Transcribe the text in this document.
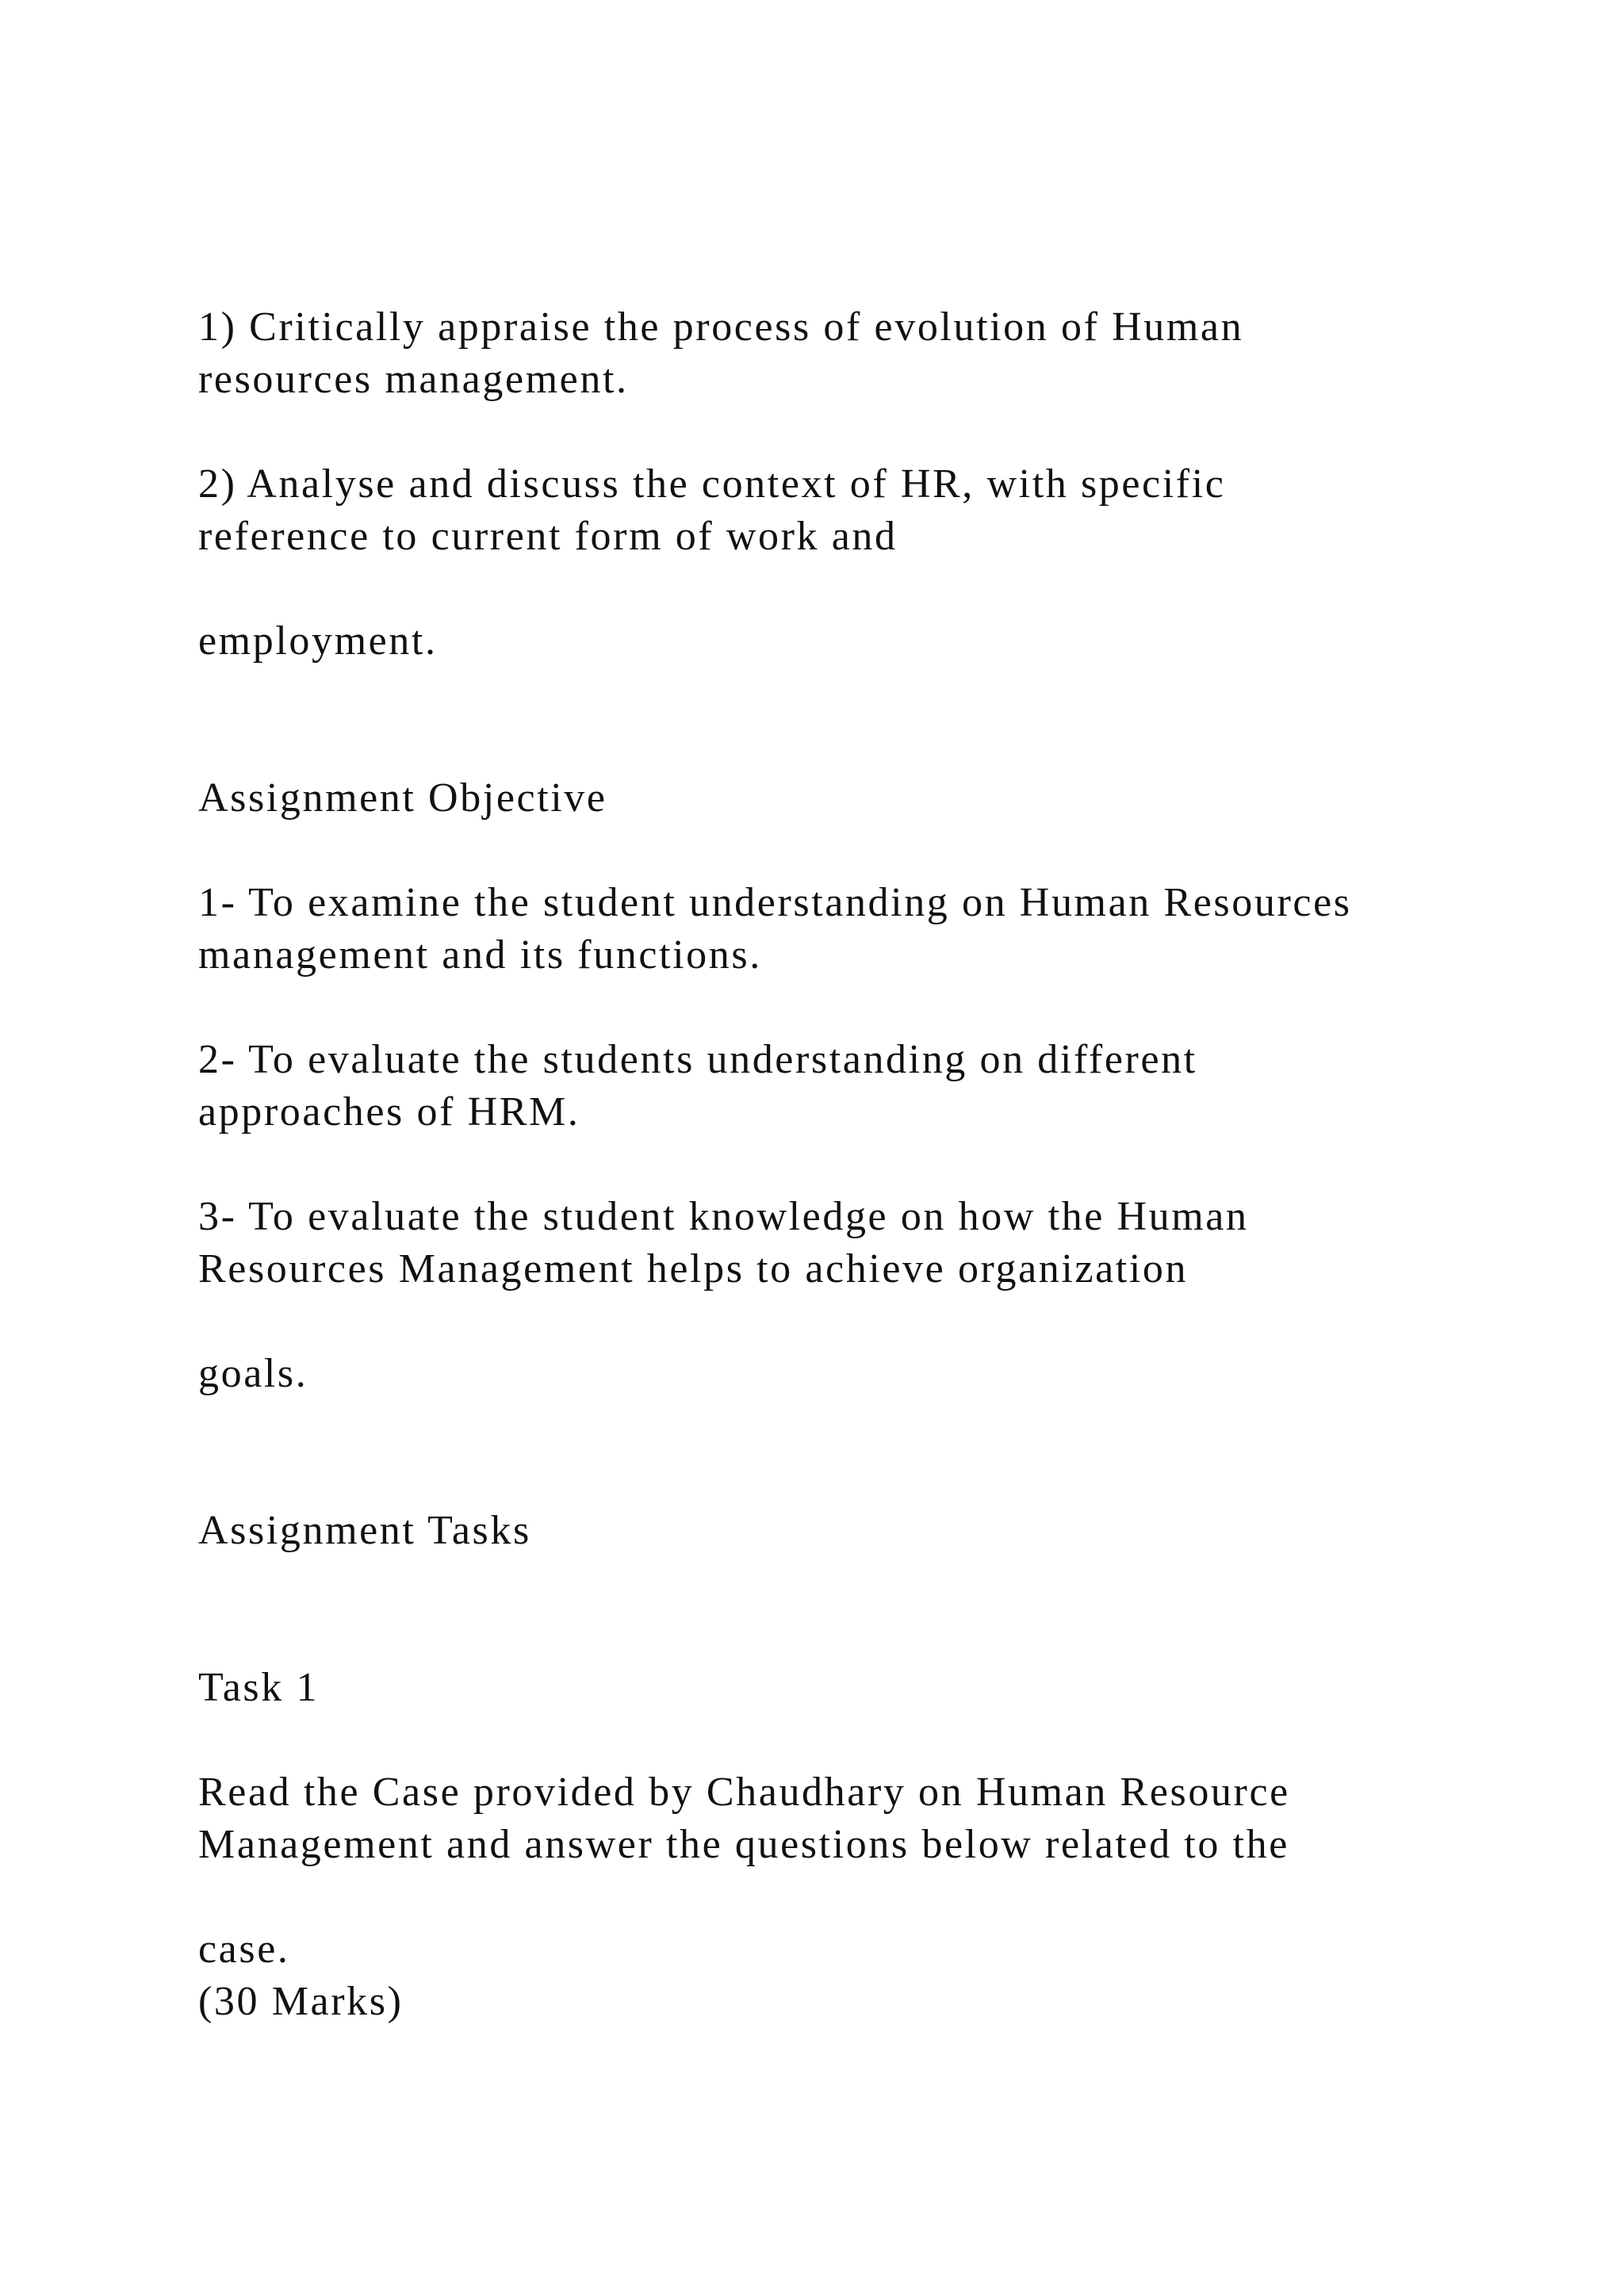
1) Critically appraise the process of evolution of Human

resources management.

2) Analyse and discuss the context of HR, with specific

reference to current form of work and

employment.

Assignment Objective

1- To examine the student understanding on Human Resources

management and its functions.

2- To evaluate the students understanding on different

approaches of HRM.

3- To evaluate the student knowledge on how the Human

Resources Management helps to achieve organization

goals.

Assignment Tasks

Task 1

Read the Case provided by Chaudhary on Human Resource

Management and answer the questions below related to the

case.

(30 Marks)
